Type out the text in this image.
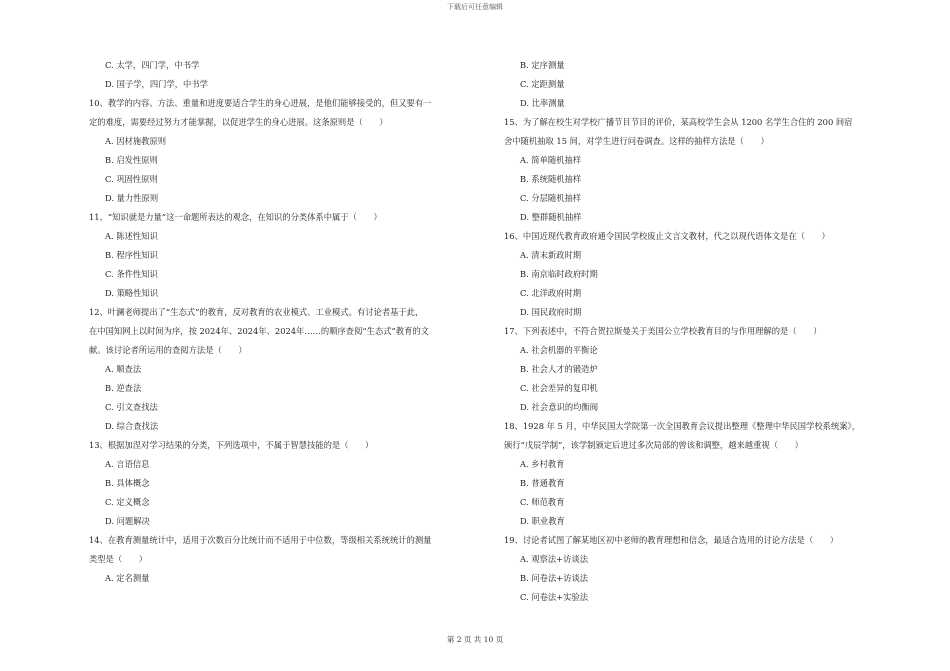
下载后可任意编辑
C. 太学，四门学，中书学
D. 国子学，四门学，中书学
10、教学的内容、方法、重量和进度要适合学生的身心进展，是他们能够接受的，但又要有一
定的难度，需要经过努力才能掌握，以促进学生的身心进展。这条原则是（　　）
A. 因材施教原则
B. 启发性原则
C. 巩固性原则
D. 量力性原则
11、“知识就是力量”这一命题所表达的观念，在知识的分类体系中属于（　　）
A. 陈述性知识
B. 程序性知识
C. 条件性知识
D. 策略性知识
12、叶澜老师提出了“生态式”的教育，反对教育的农业模式、工业模式。有讨论者基于此，
在中国知网上以时间为序，按 2024年、2024年、2024年……的顺序查阅“生态式”教育的文
献。该讨论者所运用的查阅方法是（　　）
A. 顺查法
B. 逆查法
C. 引文查找法
D. 综合查找法
13、根据加涅对学习结果的分类，下列选项中，不属于智慧技能的是（　　）
A. 言语信息
B. 具体概念
C. 定义概念
D. 问题解决
14、在教育测量统计中，适用于次数百分比统计而不适用于中位数，等级相关系统统计的测量
类型是（　　）
A. 定名测量
B. 定序测量
C. 定距测量
D. 比率测量
15、为了解在校生对学校广播节目节目的评价，某高校学生会从 1200 名学生合住的 200 间宿
舍中随机抽取 15 间，对学生进行问卷调查。这样的抽样方法是（　　）
A. 简单随机抽样
B. 系统随机抽样
C. 分层随机抽样
D. 整群随机抽样
16、中国近现代教育政府通令国民学校废止文言文教材，代之以现代语体文是在（　　）
A. 清末新政时期
B. 南京临时政府时期
C. 北洋政府时期
D. 国民政府时期
17、下列表述中，不符合贺拉斯曼关于美国公立学校教育目的与作用理解的是（　　）
A. 社会机器的平衡论
B. 社会人才的锻造炉
C. 社会差异的复印机
D. 社会意识的均衡阀
18、1928 年 5 月，中华民国大学院第一次全国教育会议提出整理《整理中华民国学校系统案》，
颁行“戊辰学制”，该学制颁定后进过多次局部的曾该和调整，越来越重视（　　）
A. 乡村教育
B. 普通教育
C. 师范教育
D. 职业教育
19、讨论者试图了解某地区初中老师的教育理想和信念，最适合选用的讨论方法是（　　）
A. 观察法+访谈法
B. 问卷法+访谈法
C. 问卷法+实验法
第 2 页 共 10 页
